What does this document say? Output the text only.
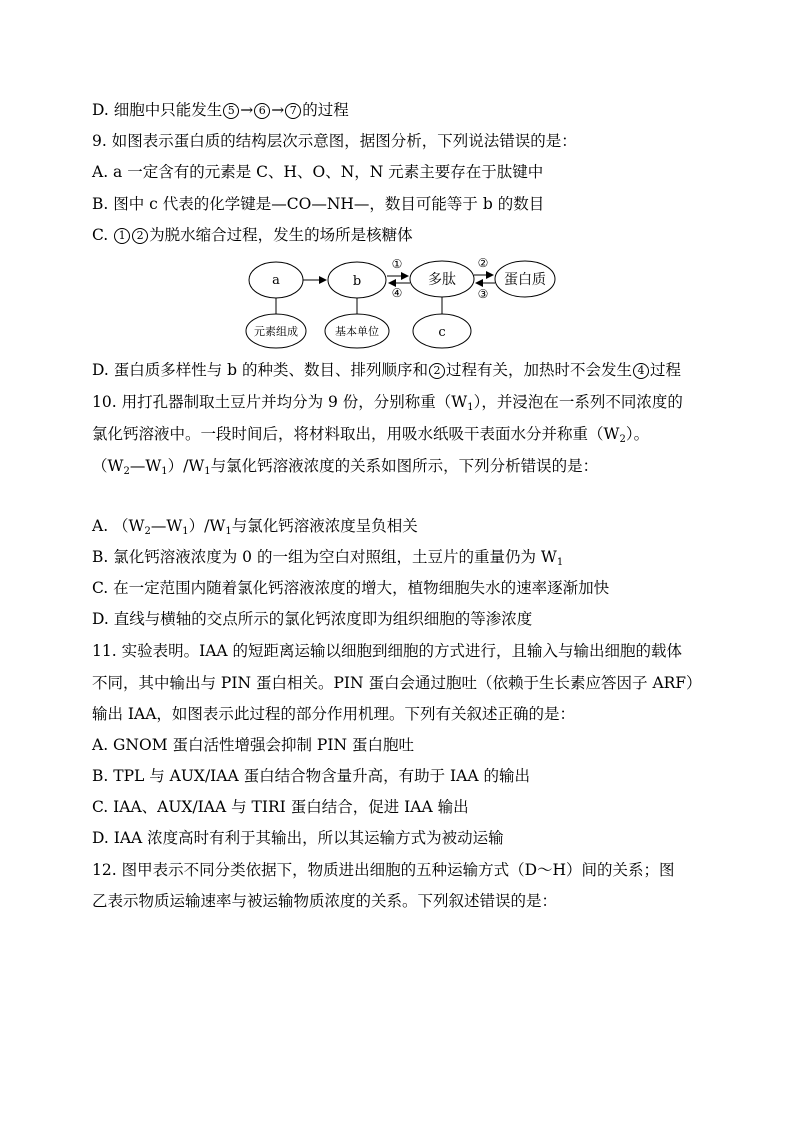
D. 细胞中只能发生 5 → 6 → 7 的过程
9. 如图表示蛋白质的结构层次示意图，据图分析，下列说法错误的是：
A. a 一定含有的元素是 C、H、O、N，N 元素主要存在于肽键中
B. 图中 c 代表的化学键是—CO—NH—，数目可能等于 b 的数目
C. 1 2 为脱水缩合过程，发生的场所是核糖体
a	b
①
④
多肽
②
③
蛋白质
元素组成	基本单位	c
D. 蛋白质多样性与 b 的种类、数目、排列顺序和 2 过程有关，加热时不会发生 4 过程
10. 用打孔器制取土豆片并均分为 9 份，分别称重$(W_1)$，并浸泡在一系列不同浓度的
氯化钙溶液中。一段时间后，将材料取出，用吸水纸吸干表面水分并称重$(W_2)$。
$(W_2—W_1)/W_1$与氯化钙溶液浓度的关系如图所示，下列分析错误的是：
A. $(W_2—W_1)/W_1$与氯化钙溶液浓度呈负相关
B. 氯化钙溶液浓度为 0 的一组为空白对照组，土豆片的重量仍为 $W_1$
C. 在一定范围内随着氯化钙溶液浓度的增大，植物细胞失水的速率逐渐加快
D. 直线与横轴的交点所示的氯化钙浓度即为组织细胞的等渗浓度
11. 实验表明。IAA 的短距离运输以细胞到细胞的方式进行，且输入与输出细胞的载体
不同，其中输出与 PIN 蛋白相关。PIN 蛋白会通过胞吐（依赖于生长素应答因子 ARF）
输出 IAA，如图表示此过程的部分作用机理。下列有关叙述正确的是：
A. GNOM 蛋白活性增强会抑制 PIN 蛋白胞吐
B. TPL 与 AUX/IAA 蛋白结合物含量升高，有助于 IAA 的输出
C. IAA、AUX/IAA 与 TIRI 蛋白结合，促进 IAA 输出
D. IAA 浓度高时有利于其输出，所以其运输方式为被动运输
12. 图甲表示不同分类依据下，物质进出细胞的五种运输方式（D～H）间的关系；图
乙表示物质运输速率与被运输物质浓度的关系。下列叙述错误的是：
